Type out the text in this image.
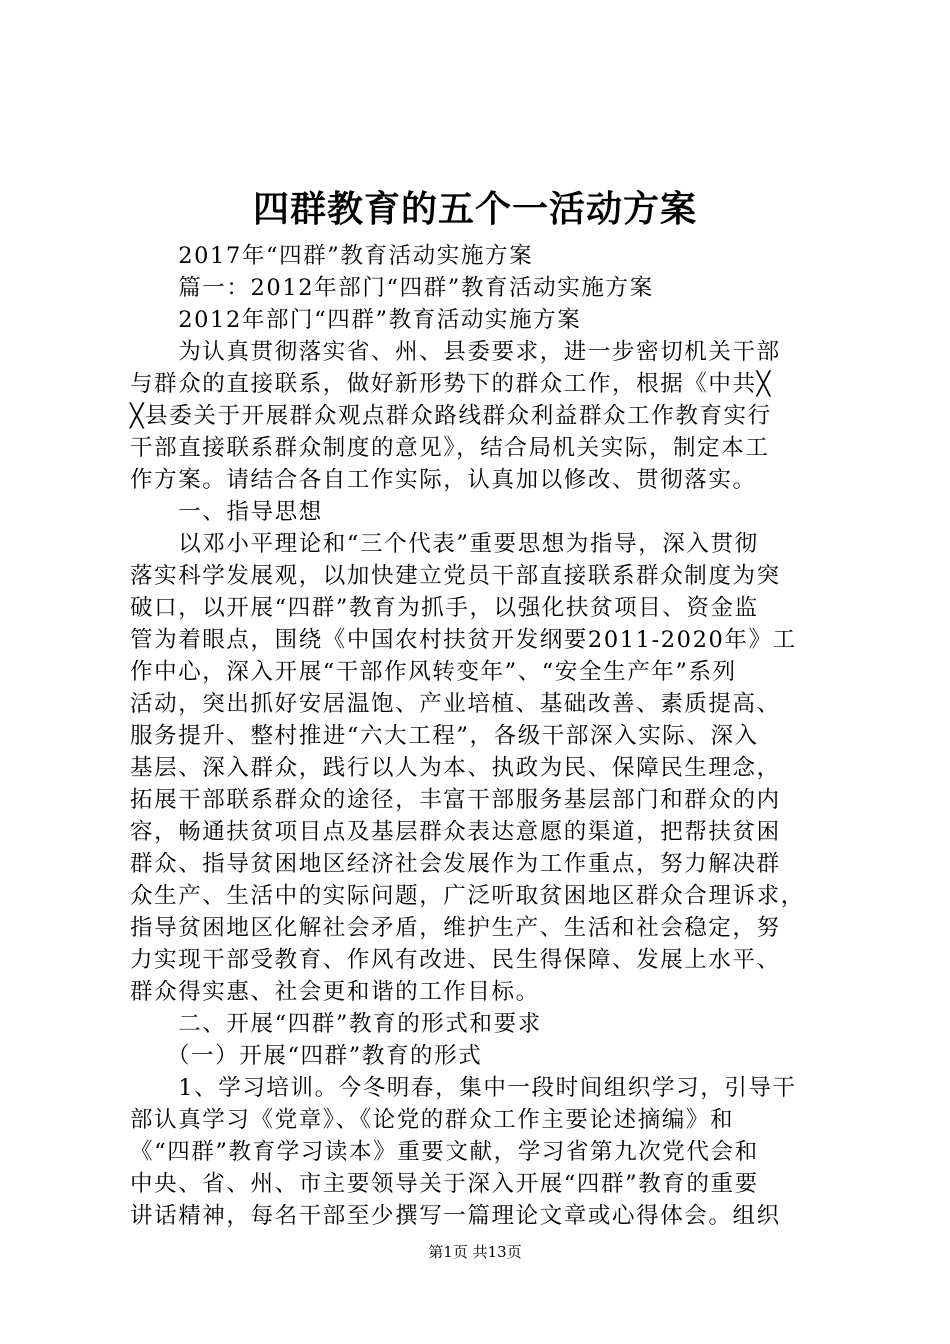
四群教育的五个一活动方案
　　2017年“四群”教育活动实施方案
　　篇一：2012年部门“四群”教育活动实施方案
　　2012年部门“四群”教育活动实施方案
　　为认真贯彻落实省、州、县委要求，进一步密切机关干部
与群众的直接联系，做好新形势下的群众工作，根据《中共╳
╳县委关于开展群众观点群众路线群众利益群众工作教育实行
干部直接联系群众制度的意见》，结合局机关实际，制定本工
作方案。请结合各自工作实际，认真加以修改、贯彻落实。
　　一、指导思想
　　以邓小平理论和“三个代表”重要思想为指导，深入贯彻
落实科学发展观，以加快建立党员干部直接联系群众制度为突
破口，以开展“四群”教育为抓手，以强化扶贫项目、资金监
管为着眼点，围绕《中国农村扶贫开发纲要2011-2020年》工
作中心，深入开展“干部作风转变年”、“安全生产年”系列
活动，突出抓好安居温饱、产业培植、基础改善、素质提高、
服务提升、整村推进“六大工程”，各级干部深入实际、深入
基层、深入群众，践行以人为本、执政为民、保障民生理念，
拓展干部联系群众的途径，丰富干部服务基层部门和群众的内
容，畅通扶贫项目点及基层群众表达意愿的渠道，把帮扶贫困
群众、指导贫困地区经济社会发展作为工作重点，努力解决群
众生产、生活中的实际问题，广泛听取贫困地区群众合理诉求，
指导贫困地区化解社会矛盾，维护生产、生活和社会稳定，努
力实现干部受教育、作风有改进、民生得保障、发展上水平、
群众得实惠、社会更和谐的工作目标。
　　二、开展“四群”教育的形式和要求
　　（一）开展“四群”教育的形式
　　1、学习培训。今冬明春，集中一段时间组织学习，引导干
部认真学习《党章》、《论党的群众工作主要论述摘编》和
《“四群”教育学习读本》重要文献，学习省第九次党代会和
中央、省、州、市主要领导关于深入开展“四群”教育的重要
讲话精神，每名干部至少撰写一篇理论文章或心得体会。组织
第1页 共13页
